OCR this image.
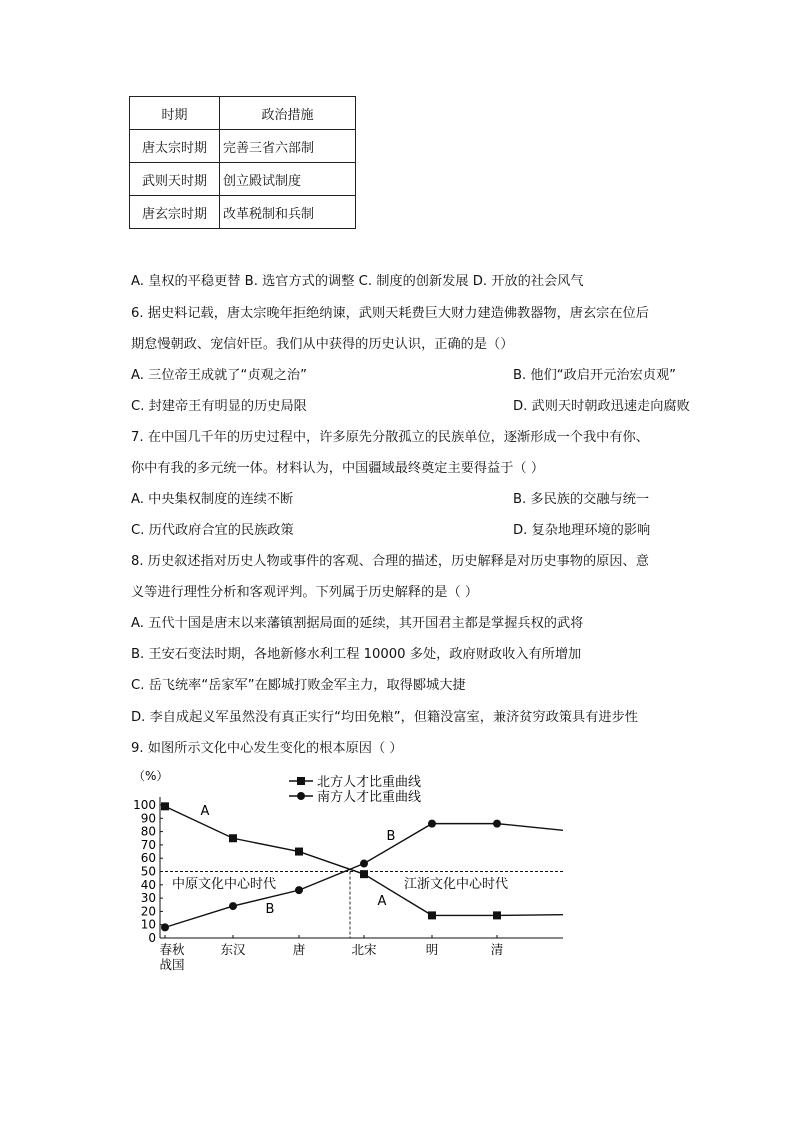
时期	政治措施
唐太宗时期	完善三省六部制
武则天时期	创立殿试制度
唐玄宗时期	改革税制和兵制
A. 皇权的平稳更替 B. 选官方式的调整 C. 制度的创新发展 D. 开放的社会风气
6. 据史料记载，唐太宗晚年拒绝纳谏，武则天耗费巨大财力建造佛教器物，唐玄宗在位后
期怠慢朝政、宠信奸臣。我们从中获得的历史认识，正确的是（）
A. 三位帝王成就了“贞观之治”	B. 他们“政启开元治宏贞观”
C. 封建帝王有明显的历史局限	D. 武则天时朝政迅速走向腐败
7. 在中国几千年的历史过程中，许多原先分散孤立的民族单位，逐渐形成一个我中有你、
你中有我的多元统一体。材料认为，中国疆域最终奠定主要得益于（ ）
A. 中央集权制度的连续不断	B. 多民族的交融与统一
C. 历代政府合宜的民族政策	D. 复杂地理环境的影响
8. 历史叙述指对历史人物或事件的客观、合理的描述，历史解释是对历史事物的原因、意
义等进行理性分析和客观评判。下列属于历史解释的是（ ）
A. 五代十国是唐末以来藩镇割据局面的延续，其开国君主都是掌握兵权的武将
B. 王安石变法时期，各地新修水利工程 10000 多处，政府财政收入有所增加
C. 岳飞统率“岳家军”在郾城打败金军主力，取得郾城大捷
D. 李自成起义军虽然没有真正实行“均田免粮”，但籍没富室，兼济贫穷政策具有进步性
9. 如图所示文化中心发生变化的根本原因（ ）
（%）
0
10
20
30
40
50
60
70
80
90
100
春秋
战国
东汉	唐	北宋	明	清
中原文化中心时代	江浙文化中心时代
A
B
B
A
北方人才比重曲线
南方人才比重曲线
